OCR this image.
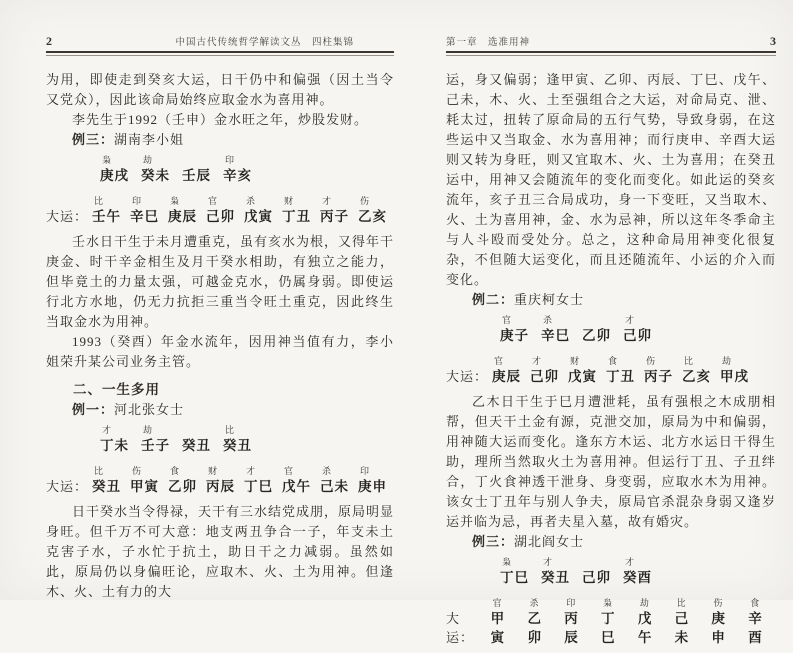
2	中国古代传统哲学解读文丛　四柱集锦

为用，即使走到癸亥大运，日干仍中和偏强（因土当令又党众），因此该命局始终应取金水为喜用神。

李先生于1992（壬申）金水旺之年，炒股发财。

例三：湖南李小姐

枭
庚戌
劫
癸未 壬辰
印
辛亥
大运：
比
壬午
印
辛巳
枭
庚辰
官
己卯
杀
戊寅
财
丁丑
才
丙子
伤
乙亥

壬水日干生于未月遭重克，虽有亥水为根，又得年干庚金、时干辛金相生及月干癸水相助，有独立之能力，但毕竟土的力量太强，可越金克水，仍属身弱。即使运行北方水地，仍无力抗拒三重当令旺土重克，因此终生当取金水为用神。

1993（癸酉）年金水流年，因用神当值有力，李小姐荣升某公司业务主管。

二、一生多用

例一：河北张女士

才
丁未
劫
壬子 癸丑
比
癸丑
大运：
比
癸丑
伤
甲寅
食
乙卯
财
丙辰
才
丁巳
官
戊午
杀
己未
印
庚申

日干癸水当令得禄，天干有三水结党成朋，原局明显身旺。但千万不可大意：地支两丑争合一子，年支未土克害子水，子水忙于抗土，助日干之力减弱。虽然如此，原局仍以身偏旺论，应取木、火、土为用神。但逢木、火、土有力的大

第一章　选准用神	3

运，身又偏弱；逢甲寅、乙卯、丙辰、丁巳、戊午、己未，木、火、土至强组合之大运，对命局克、泄、耗太过，扭转了原命局的五行气势，导致身弱，在这些运中又当取金、水为喜用神；而行庚申、辛酉大运则又转为身旺，则又宜取木、火、土为喜用；在癸丑运中，用神又会随流年的变化而变化。如此运的癸亥流年，亥子丑三合局成功，身一下变旺，又当取木、火、土为喜用神，金、水为忌神，所以这年冬季命主与人斗殴而受处分。总之，这种命局用神变化很复杂，不但随大运变化，而且还随流年、小运的介入而变化。

例二：重庆柯女士

官
庚子
杀
辛巳 乙卯
才
己卯
大运：
官
庚辰
才
己卯
财
戊寅
食
丁丑
伤
丙子
比
乙亥
劫
甲戌

乙木日干生于巳月遭泄耗，虽有强根之木成朋相帮，但天干土金有源，克泄交加，原局为中和偏弱，用神随大运而变化。逢东方木运、北方水运日干得生助，理所当然取火土为喜用神。但运行丁丑、子丑绊合，丁火食神透干泄身、身变弱，应取水木为用神。该女士丁丑年与别人争夫，原局官杀混杂身弱又逢岁运并临为忌，再者夫星入墓，故有婚灾。

例三：湖北阎女士

枭
丁巳
才
癸丑 己卯
才
癸酉
大运：
官
甲寅
杀
乙卯
印
丙辰
枭
丁巳
劫
戊午
比
己未
伤
庚申
食
辛酉
